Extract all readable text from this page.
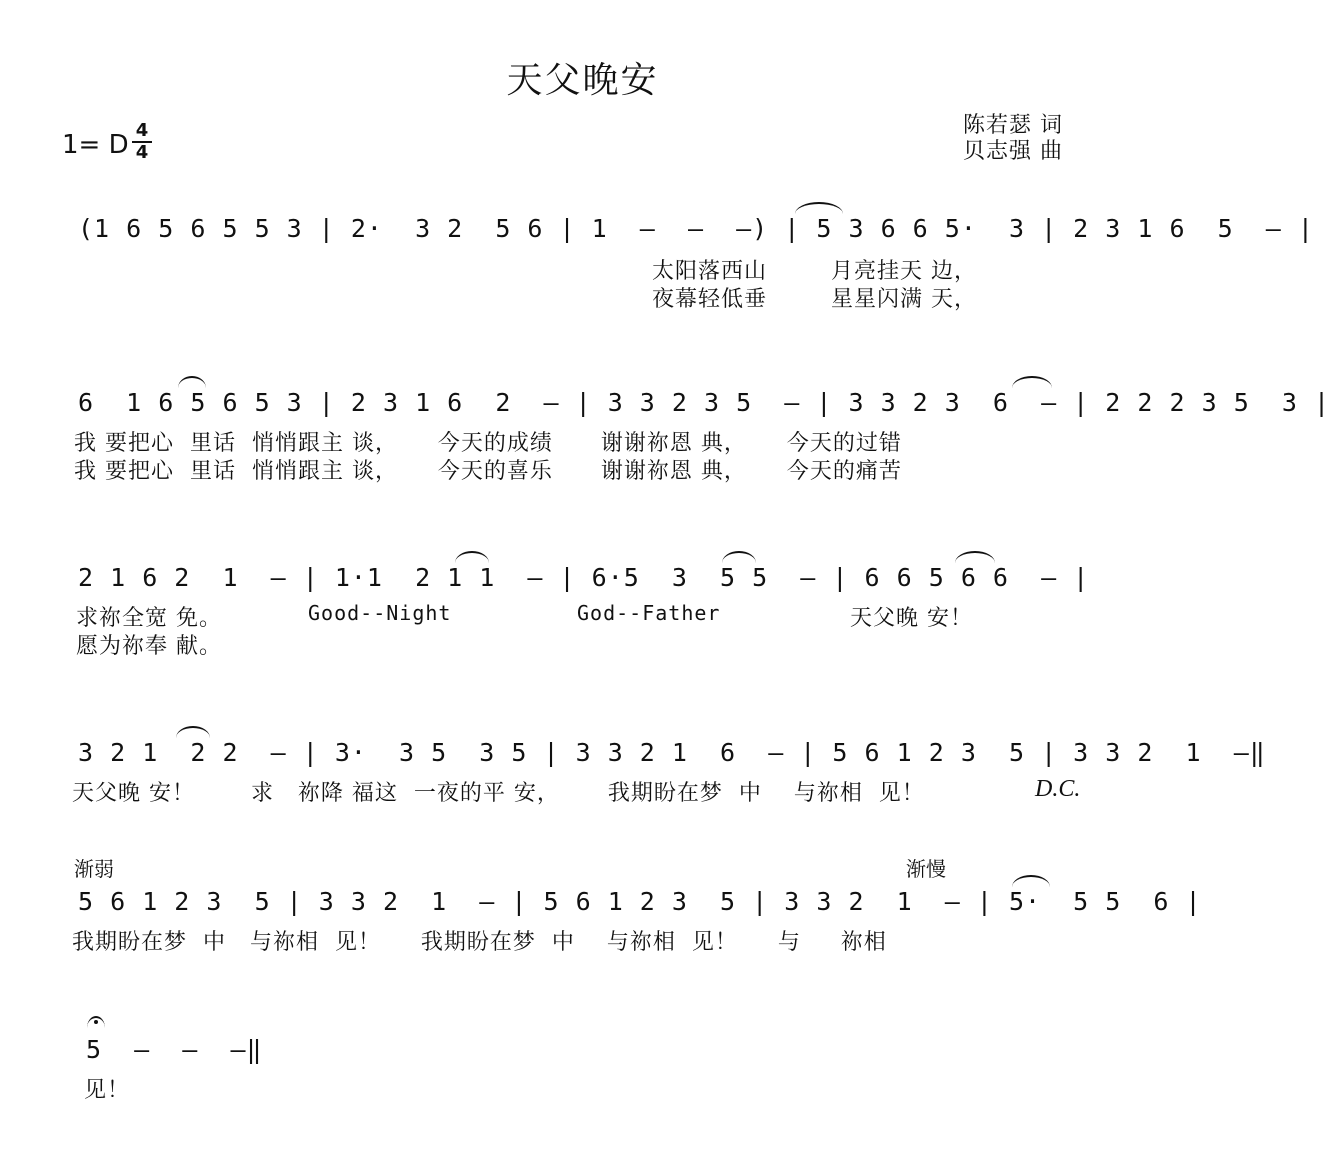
天父晚安
1= D 4
4
陈若瑟 词
贝志强 曲
(1 6 5 6 5 5 3 | 2·  3 2  5 6 | 1  –  –  –) | 5 3 6 6 5·  3 | 2 3 1 6  5  – |
太阳落西山        月亮挂天 边，
夜幕轻低垂        星星闪满 天，
6  1 6 5 6 5 3 | 2 3 1 6  2  – | 3 3 2 3 5  – | 3 3 2 3  6  – | 2 2 2 3 5  3 |
我 要把心  里话  悄悄跟主 谈，     今天的成绩      谢谢祢恩 典，     今天的过错
我 要把心  里话  悄悄跟主 谈，     今天的喜乐      谢谢祢恩 典，     今天的痛苦
2 1 6 2  1  – | 1·1  2 1 1  – | 6·5  3  5 5  – | 6 6 5 6 6  – |
求祢全宽 免。
愿为祢奉 献。
Good--Night	God--Father	天父晚 安！
3 2 1  2 2  – | 3·  3 5  3 5 | 3 3 2 1  6  – | 5 6 1 2 3  5 | 3 3 2  1  –‖
天父晚 安！       求   祢降 福这  一夜的平 安，      我期盼在梦  中    与祢相  见！	D.C.
渐弱	渐慢
5 6 1 2 3  5 | 3 3 2  1  – | 5 6 1 2 3  5 | 3 3 2  1  – | 5·  5 5  6 |
我期盼在梦  中   与祢相  见！     我期盼在梦  中    与祢相  见！     与     祢相
5  –  –  –‖
见！
